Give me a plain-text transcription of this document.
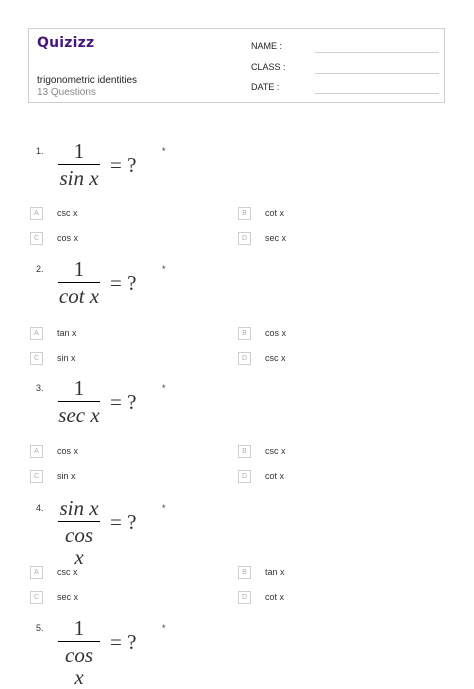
Quizizz
trigonometric identities
13 Questions
NAME :
CLASS :
DATE :
1.	1
sin x
= ?
*
A	csc x	B	cot x
C	cos x	D	sec x
2.	1
cot x
= ?
*
A	tan x	B	cos x
C	sin x	D	csc x
3.	1
sec x
= ?
*
A	cos x	B	csc x
C	sin x	D	cot x
4. sin x
cos x
= ?
*
A	csc x	B	tan x
C	sec x	D	cot x
5.	1
cos x
= ?
*
